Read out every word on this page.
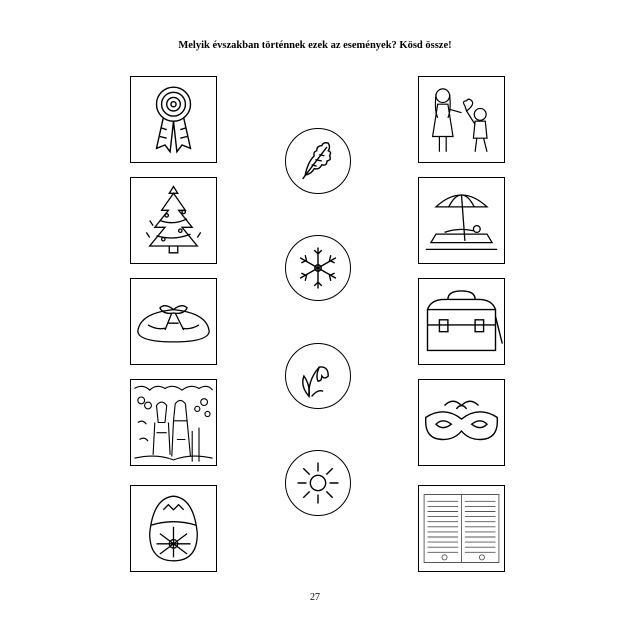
Melyik évszakban történnek ezek az események? Kösd össze!
27
